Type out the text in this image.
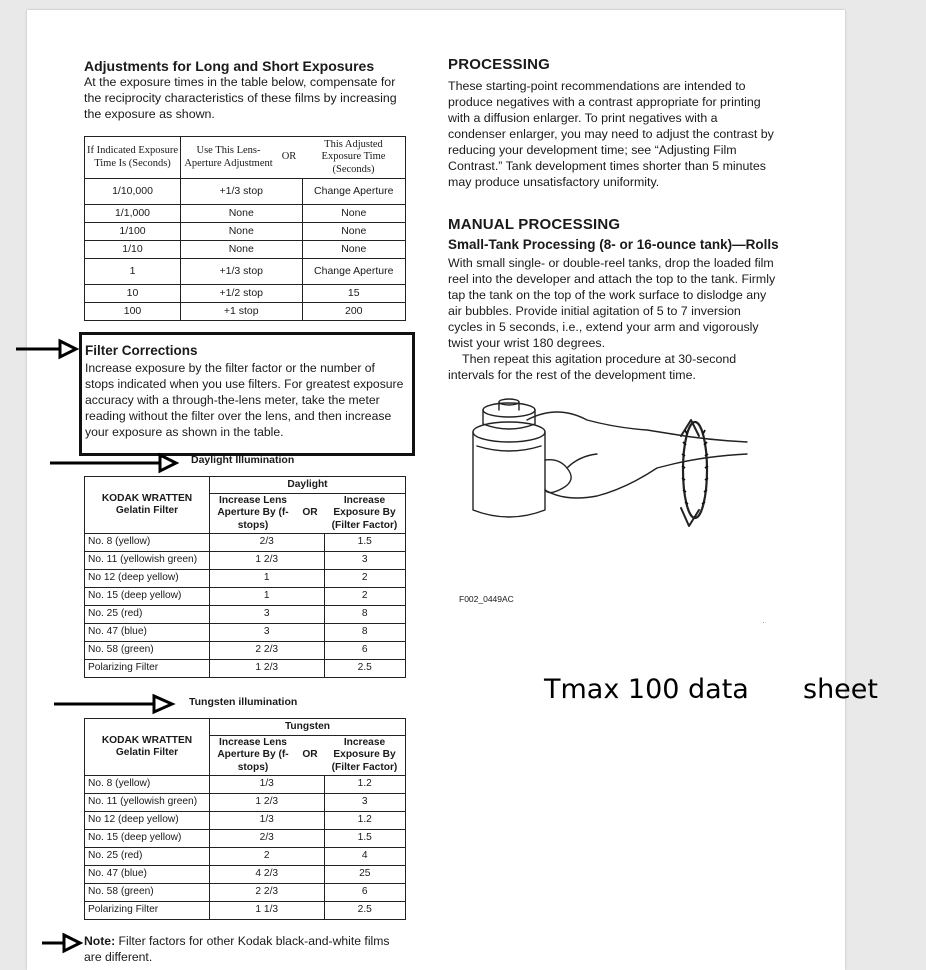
Adjustments for Long and Short Exposures

At the exposure times in the table below, compensate for the reciprocity characteristics of these films by increasing the exposure as shown.

If Indicated Exposure Time Is (Seconds)	Use This Lens-Aperture Adjustment	OR	This Adjusted Exposure Time (Seconds)
1/10,000	+1/3 stop		Change Aperture
1/1,000	None		None
1/100	None		None
1/10	None		None
1	+1/3 stop		Change Aperture
10	+1/2 stop		15
100	+1 stop		200
Filter Corrections

Increase exposure by the filter factor or the number of stops indicated when you use filters. For greatest exposure accuracy with a through-the-lens meter, take the meter reading without the filter over the lens, and then increase your exposure as shown in the table.

Daylight Illumination
KODAK WRATTEN Gelatin Filter	Daylight		
	Increase Lens Aperture By (f-stops)	OR	Increase Exposure By (Filter Factor)
No. 8 (yellow)	2/3		1.5
No. 11 (yellowish green)	1 2/3		3
No 12 (deep yellow)	1		2
No. 15 (deep yellow)	1		2
No. 25 (red)	3		8
No. 47 (blue)	3		8
No. 58 (green)	2 2/3		6
Polarizing Filter	1 2/3		2.5
Tungsten illumination
KODAK WRATTEN Gelatin Filter	Tungsten		
	Increase Lens Aperture By (f-stops)	OR	Increase Exposure By (Filter Factor)
No. 8 (yellow)	1/3		1.2
No. 11 (yellowish green)	1 2/3		3
No 12 (deep yellow)	1/3		1.2
No. 15 (deep yellow)	2/3		1.5
No. 25 (red)	2		4
No. 47 (blue)	4 2/3		25
No. 58 (green)	2 2/3		6
Polarizing Filter	1 1/3		2.5

Note: Filter factors for other Kodak black-and-white films are different.

PROCESSING

These starting-point recommendations are intended to produce negatives with a contrast appropriate for printing with a diffusion enlarger. To print negatives with a condenser enlarger, you may need to adjust the contrast by reducing your development time; see “Adjusting Film Contrast.” Tank development times shorter than 5 minutes may produce unsatisfactory uniformity.

MANUAL PROCESSING
Small-Tank Processing (8- or 16-ounce tank)—Rolls

With small single- or double-reel tanks, drop the loaded film reel into the developer and attach the top to the tank. Firmly tap the tank on the top of the work surface to dislodge any air bubbles. Provide initial agitation of 5 to 7 inversion cycles in 5 seconds, i.e., extend your arm and vigorously twist your wrist 180 degrees.

Then repeat this agitation procedure at 30-second intervals for the rest of the development time.

F002_0449AC
Tmax 100 data sheet
